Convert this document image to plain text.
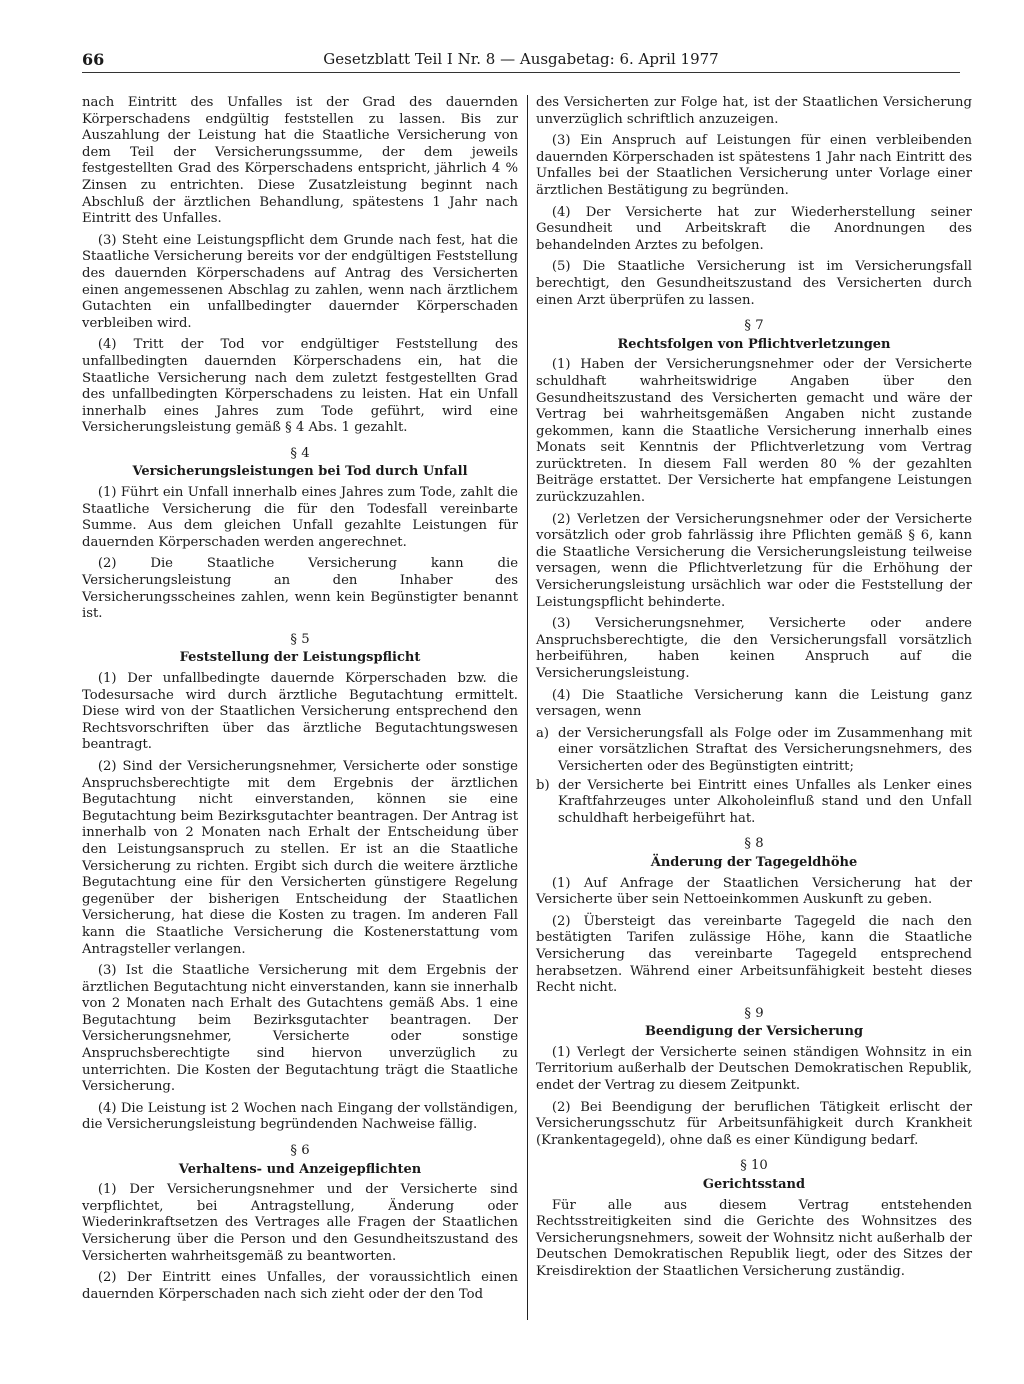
66	Gesetzblatt Teil I Nr. 8 — Ausgabetag: 6. April 1977

nach Eintritt des Unfalles ist der Grad des dauernden Körperschadens endgültig feststellen zu lassen. Bis zur Auszahlung der Leistung hat die Staatliche Versicherung von dem Teil der Versicherungssumme, der dem jeweils festgestellten Grad des Körperschadens entspricht, jährlich 4 % Zinsen zu entrichten. Diese Zusatzleistung beginnt nach Abschluß der ärztlichen Behandlung, spätestens 1 Jahr nach Eintritt des Unfalles.

(3) Steht eine Leistungspflicht dem Grunde nach fest, hat die Staatliche Versicherung bereits vor der endgültigen Feststellung des dauernden Körperschadens auf Antrag des Versicherten einen angemessenen Abschlag zu zahlen, wenn nach ärztlichem Gutachten ein unfallbedingter dauernder Körperschaden verbleiben wird.

(4) Tritt der Tod vor endgültiger Feststellung des unfallbedingten dauernden Körperschadens ein, hat die Staatliche Versicherung nach dem zuletzt festgestellten Grad des unfallbedingten Körperschadens zu leisten. Hat ein Unfall innerhalb eines Jahres zum Tode geführt, wird eine Versicherungsleistung gemäß § 4 Abs. 1 gezahlt.

§ 4
Versicherungsleistungen bei Tod durch Unfall

(1) Führt ein Unfall innerhalb eines Jahres zum Tode, zahlt die Staatliche Versicherung die für den Todesfall vereinbarte Summe. Aus dem gleichen Unfall gezahlte Leistungen für dauernden Körperschaden werden angerechnet.

(2) Die Staatliche Versicherung kann die Versicherungsleistung an den Inhaber des Versicherungsscheines zahlen, wenn kein Begünstigter benannt ist.

§ 5
Feststellung der Leistungspflicht

(1) Der unfallbedingte dauernde Körperschaden bzw. die Todesursache wird durch ärztliche Begutachtung ermittelt. Diese wird von der Staatlichen Versicherung entsprechend den Rechtsvorschriften über das ärztliche Begutachtungswesen beantragt.

(2) Sind der Versicherungsnehmer, Versicherte oder sonstige Anspruchsberechtigte mit dem Ergebnis der ärztlichen Begutachtung nicht einverstanden, können sie eine Begutachtung beim Bezirksgutachter beantragen. Der Antrag ist innerhalb von 2 Monaten nach Erhalt der Entscheidung über den Leistungsanspruch zu stellen. Er ist an die Staatliche Versicherung zu richten. Ergibt sich durch die weitere ärztliche Begutachtung eine für den Versicherten günstigere Regelung gegenüber der bisherigen Entscheidung der Staatlichen Versicherung, hat diese die Kosten zu tragen. Im anderen Fall kann die Staatliche Versicherung die Kostenerstattung vom Antragsteller verlangen.

(3) Ist die Staatliche Versicherung mit dem Ergebnis der ärztlichen Begutachtung nicht einverstanden, kann sie innerhalb von 2 Monaten nach Erhalt des Gutachtens gemäß Abs. 1 eine Begutachtung beim Bezirksgutachter beantragen. Der Versicherungsnehmer, Versicherte oder sonstige Anspruchsberechtigte sind hiervon unverzüglich zu unterrichten. Die Kosten der Begutachtung trägt die Staatliche Versicherung.

(4) Die Leistung ist 2 Wochen nach Eingang der vollständigen, die Versicherungsleistung begründenden Nachweise fällig.

§ 6
Verhaltens- und Anzeigepflichten

(1) Der Versicherungsnehmer und der Versicherte sind verpflichtet, bei Antragstellung, Änderung oder Wiederinkraftsetzen des Vertrages alle Fragen der Staatlichen Versicherung über die Person und den Gesundheitszustand des Versicherten wahrheitsgemäß zu beantworten.

(2) Der Eintritt eines Unfalles, der voraussichtlich einen dauernden Körperschaden nach sich zieht oder der den Tod

des Versicherten zur Folge hat, ist der Staatlichen Versicherung unverzüglich schriftlich anzuzeigen.

(3) Ein Anspruch auf Leistungen für einen verbleibenden dauernden Körperschaden ist spätestens 1 Jahr nach Eintritt des Unfalles bei der Staatlichen Versicherung unter Vorlage einer ärztlichen Bestätigung zu begründen.

(4) Der Versicherte hat zur Wiederherstellung seiner Gesundheit und Arbeitskraft die Anordnungen des behandelnden Arztes zu befolgen.

(5) Die Staatliche Versicherung ist im Versicherungsfall berechtigt, den Gesundheitszustand des Versicherten durch einen Arzt überprüfen zu lassen.

§ 7
Rechtsfolgen von Pflichtverletzungen

(1) Haben der Versicherungsnehmer oder der Versicherte schuldhaft wahrheitswidrige Angaben über den Gesundheitszustand des Versicherten gemacht und wäre der Vertrag bei wahrheitsgemäßen Angaben nicht zustande gekommen, kann die Staatliche Versicherung innerhalb eines Monats seit Kenntnis der Pflichtverletzung vom Vertrag zurücktreten. In diesem Fall werden 80 % der gezahlten Beiträge erstattet. Der Versicherte hat empfangene Leistungen zurückzuzahlen.

(2) Verletzen der Versicherungsnehmer oder der Versicherte vorsätzlich oder grob fahrlässig ihre Pflichten gemäß § 6, kann die Staatliche Versicherung die Versicherungsleistung teilweise versagen, wenn die Pflichtverletzung für die Erhöhung der Versicherungsleistung ursächlich war oder die Feststellung der Leistungspflicht behinderte.

(3) Versicherungsnehmer, Versicherte oder andere Anspruchsberechtigte, die den Versicherungsfall vorsätzlich herbeiführen, haben keinen Anspruch auf die Versicherungsleistung.

(4) Die Staatliche Versicherung kann die Leistung ganz versagen, wenn

a) der Versicherungsfall als Folge oder im Zusammenhang mit einer vorsätzlichen Straftat des Versicherungsnehmers, des Versicherten oder des Begünstigten eintritt;
b) der Versicherte bei Eintritt eines Unfalles als Lenker eines Kraftfahrzeuges unter Alkoholeinfluß stand und den Unfall schuldhaft herbeigeführt hat.
§ 8
Änderung der Tagegeldhöhe

(1) Auf Anfrage der Staatlichen Versicherung hat der Versicherte über sein Nettoeinkommen Auskunft zu geben.

(2) Übersteigt das vereinbarte Tagegeld die nach den bestätigten Tarifen zulässige Höhe, kann die Staatliche Versicherung das vereinbarte Tagegeld entsprechend herabsetzen. Während einer Arbeitsunfähigkeit besteht dieses Recht nicht.

§ 9
Beendigung der Versicherung

(1) Verlegt der Versicherte seinen ständigen Wohnsitz in ein Territorium außerhalb der Deutschen Demokratischen Republik, endet der Vertrag zu diesem Zeitpunkt.

(2) Bei Beendigung der beruflichen Tätigkeit erlischt der Versicherungsschutz für Arbeitsunfähigkeit durch Krankheit (Krankentagegeld), ohne daß es einer Kündigung bedarf.

§ 10
Gerichtsstand

Für alle aus diesem Vertrag entstehenden Rechtsstreitigkeiten sind die Gerichte des Wohnsitzes des Versicherungsnehmers, soweit der Wohnsitz nicht außerhalb der Deutschen Demokratischen Republik liegt, oder des Sitzes der Kreisdirektion der Staatlichen Versicherung zuständig.
